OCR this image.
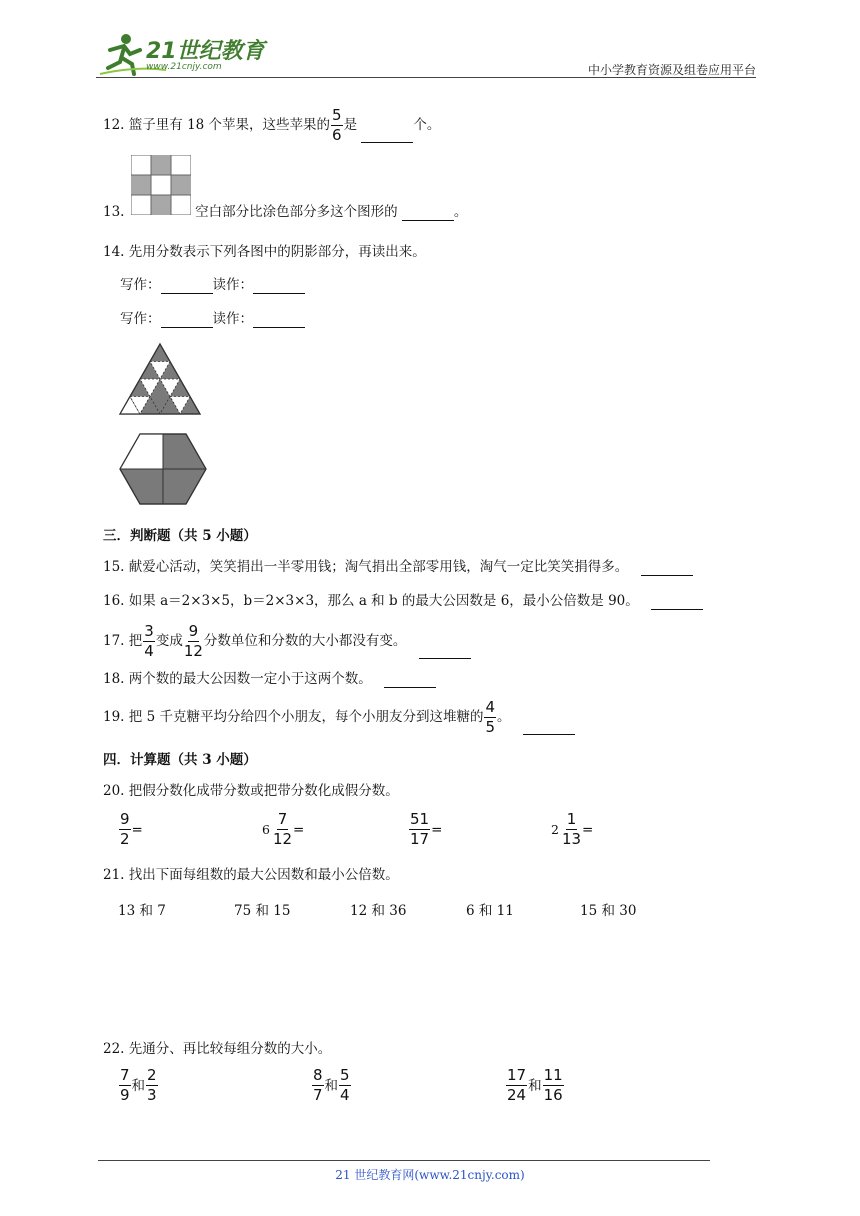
21世纪教育
www.21cnjy.com	中小学教育资源及组卷应用平台
12. 篮子里有 18 个苹果，这些苹果的 $\frac{5}{6}$ 是	个。
13.	空白部分比涂色部分多这个图形的	。
14. 先用分数表示下列各图中的阴影部分，再读出来。
写作：	读作：
写作：	读作：
三．判断题（共 5 小题）
15. 献爱心活动，笑笑捐出一半零用钱；淘气捐出全部零用钱，淘气一定比笑笑捐得多。
16. 如果 a＝2×3×5，b＝2×3×3，那么 a 和 b 的最大公因数是 6，最小公倍数是 90。
17. 把 $\frac{3}{4}$ 变成 $\frac{9}{12}$ 分数单位和分数的大小都没有变。
18. 两个数的最大公因数一定小于这两个数。
19. 把 5 千克糖平均分给四个小朋友，每个小朋友分到这堆糖的 $\frac{4}{5}$ 。
四．计算题（共 3 小题）
20. 把假分数化成带分数或把带分数化成假分数。
$\frac{9}{2}$ =	$6 \frac{7}{12}$ =	$\frac{51}{17}$ =	$2 \frac{1}{13}$ =
21. 找出下面每组数的最大公因数和最小公倍数。
13 和 7	75 和 15	12 和 36	6 和 11	15 和 30
22. 先通分、再比较每组分数的大小。
$\frac{7}{9}$ 和 $\frac{2}{3}$	$\frac{8}{7}$ 和 $\frac{5}{4}$	$\frac{17}{24}$ 和 $\frac{11}{16}$
21 世纪教育网(www.21cnjy.com)
